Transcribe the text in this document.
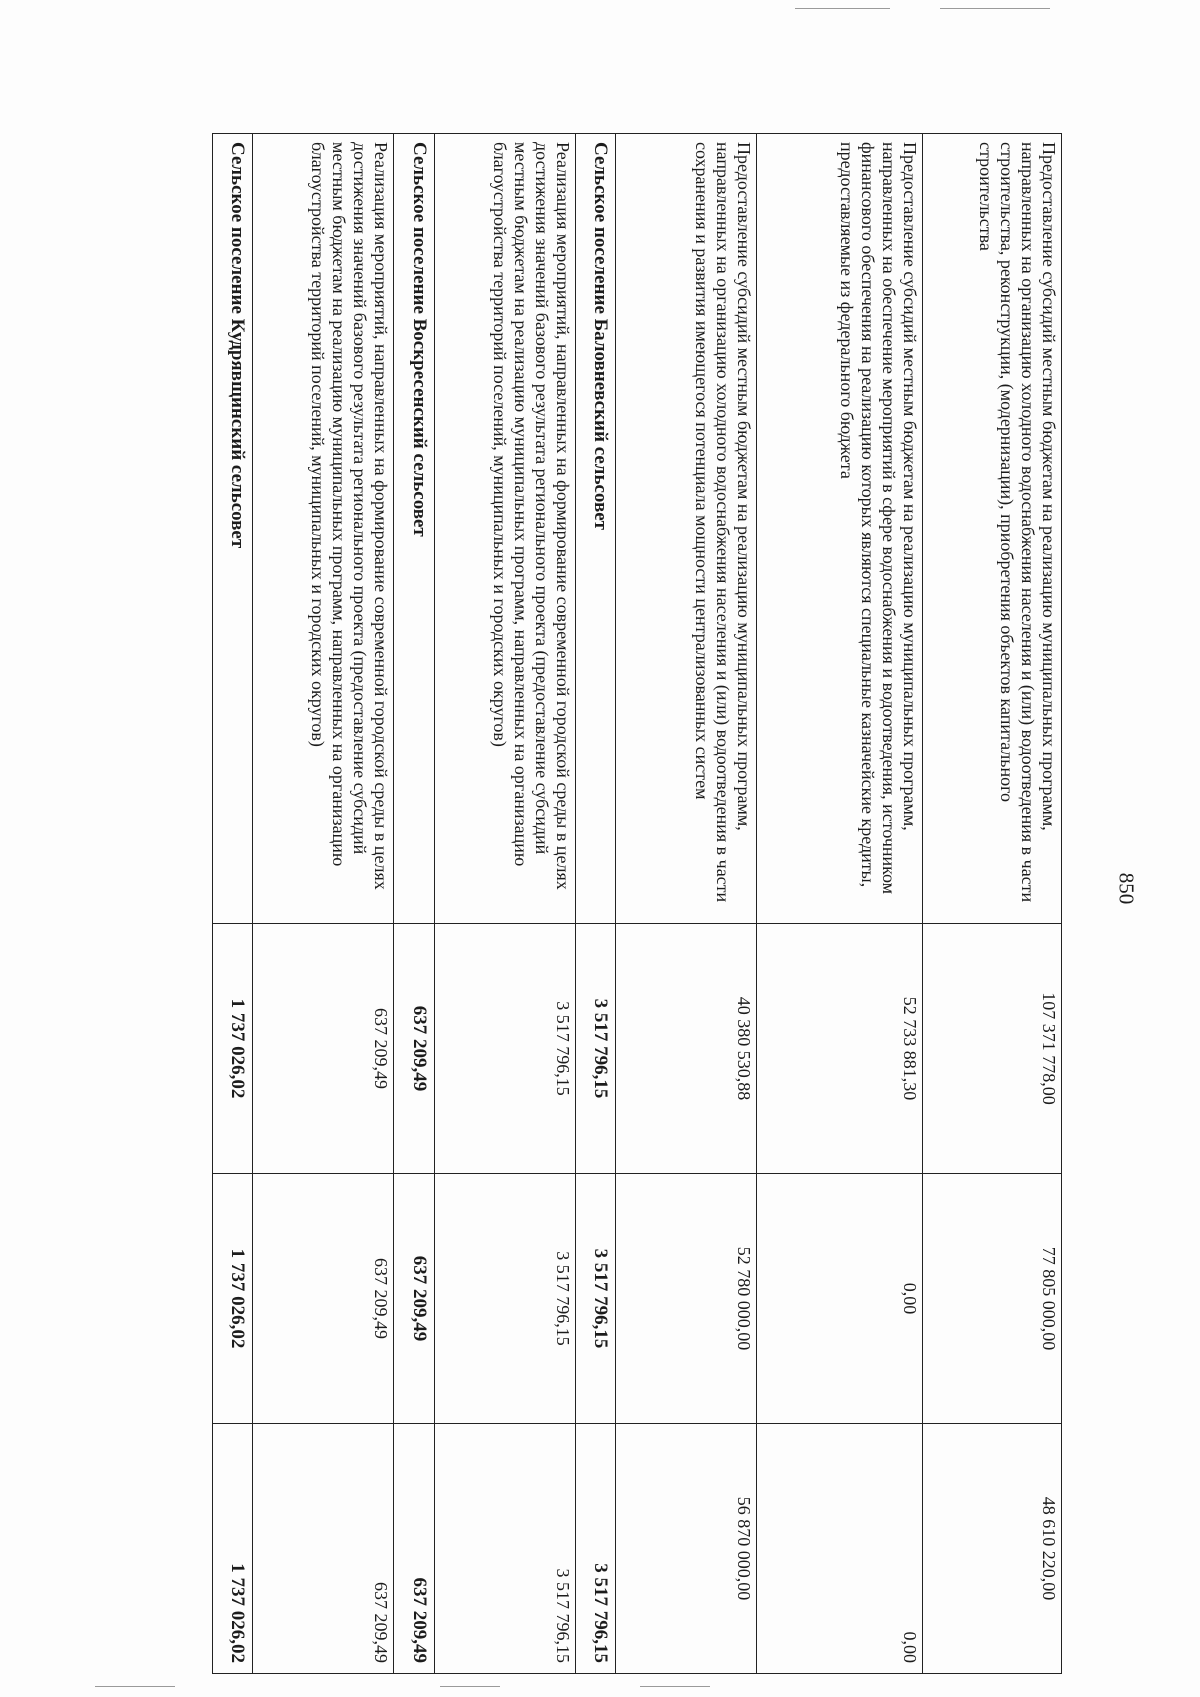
850
Предоставление субсидий местным бюджетам на реализацию муниципальных программ, направленных на организацию холодного водоснабжения населения и (или) водоотведения в части строительства, реконструкции, (модернизации), приобретения объектов капитального строительства	107 371 778,00	77 805 000,00	48 610 220,00
Предоставление субсидий местным бюджетам на реализацию муниципальных программ, направленных на обеспечение мероприятий в сфере водоснабжения и водоотведения, источником финансового обеспечения на реализацию которых являются специальные казначейские кредиты, предоставляемые из федерального бюджета	52 733 881,30	0,00	0,00
Предоставление субсидий местным бюджетам на реализацию муниципальных программ, направленных на организацию холодного водоснабжения населения и (или) водоотведения в части сохранения и развития имеющегося потенциала мощности централизованных систем	40 380 530,88	52 780 000,00	56 870 000,00
Сельское поселение Баловневский сельсовет	3 517 796,15	3 517 796,15	3 517 796,15
Реализация мероприятий, направленных на формирование современной городской среды в целях достижения значений базового результата регионального проекта (предоставление субсидий местным бюджетам на реализацию муниципальных программ, направленных на организацию благоустройства территорий поселений, муниципальных и городских округов)	3 517 796,15	3 517 796,15	3 517 796,15
Сельское поселение Воскресенский сельсовет	637 209,49	637 209,49	637 209,49
Реализация мероприятий, направленных на формирование современной городской среды в целях достижения значений базового результата регионального проекта (предоставление субсидий местным бюджетам на реализацию муниципальных программ, направленных на организацию благоустройства территорий поселений, муниципальных и городских округов)	637 209,49	637 209,49	637 209,49
Сельское поселение Кудрявщинский сельсовет	1 737 026,02	1 737 026,02	1 737 026,02
